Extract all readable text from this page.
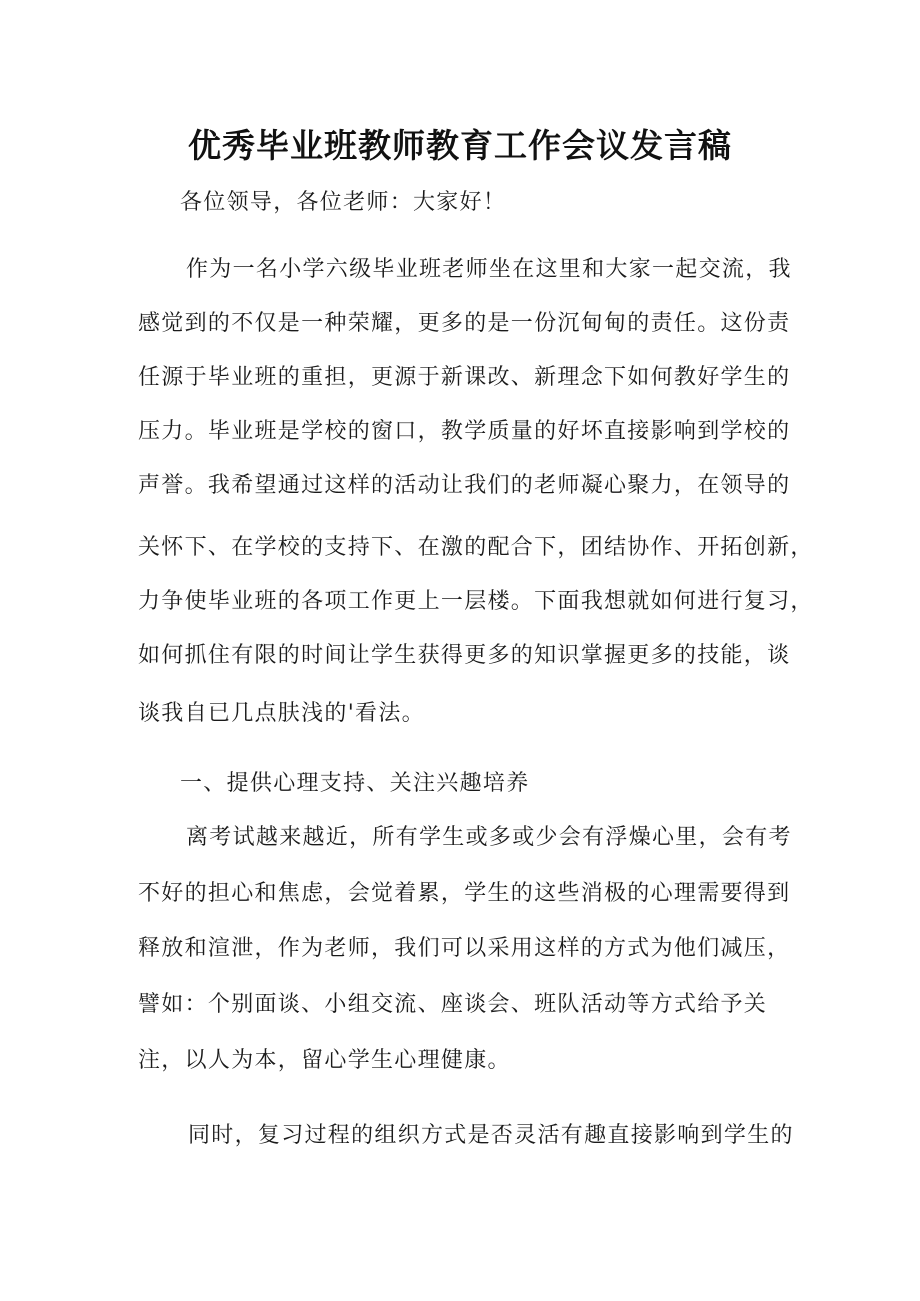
优秀毕业班教师教育工作会议发言稿

各位领导，各位老师：大家好！

作为一名小学六级毕业班老师坐在这里和大家一起交流，我

感觉到的不仅是一种荣耀，更多的是一份沉甸甸的责任。这份责

任源于毕业班的重担，更源于新课改、新理念下如何教好学生的

压力。毕业班是学校的窗口，教学质量的好坏直接影响到学校的

声誉。我希望通过这样的活动让我们的老师凝心聚力，在领导的

关怀下、在学校的支持下、在激的配合下，团结协作、开拓创新，

力争使毕业班的各项工作更上一层楼。下面我想就如何进行复习，

如何抓住有限的时间让学生获得更多的知识掌握更多的技能，谈

谈我自已几点肤浅的'看法。

一、提供心理支持、关注兴趣培养

离考试越来越近，所有学生或多或少会有浮燥心里，会有考

不好的担心和焦虑，会觉着累，学生的这些消极的心理需要得到

释放和渲泄，作为老师，我们可以采用这样的方式为他们减压，

譬如：个别面谈、小组交流、座谈会、班队活动等方式给予关

注，以人为本，留心学生心理健康。

同时，复习过程的组织方式是否灵活有趣直接影响到学生的
